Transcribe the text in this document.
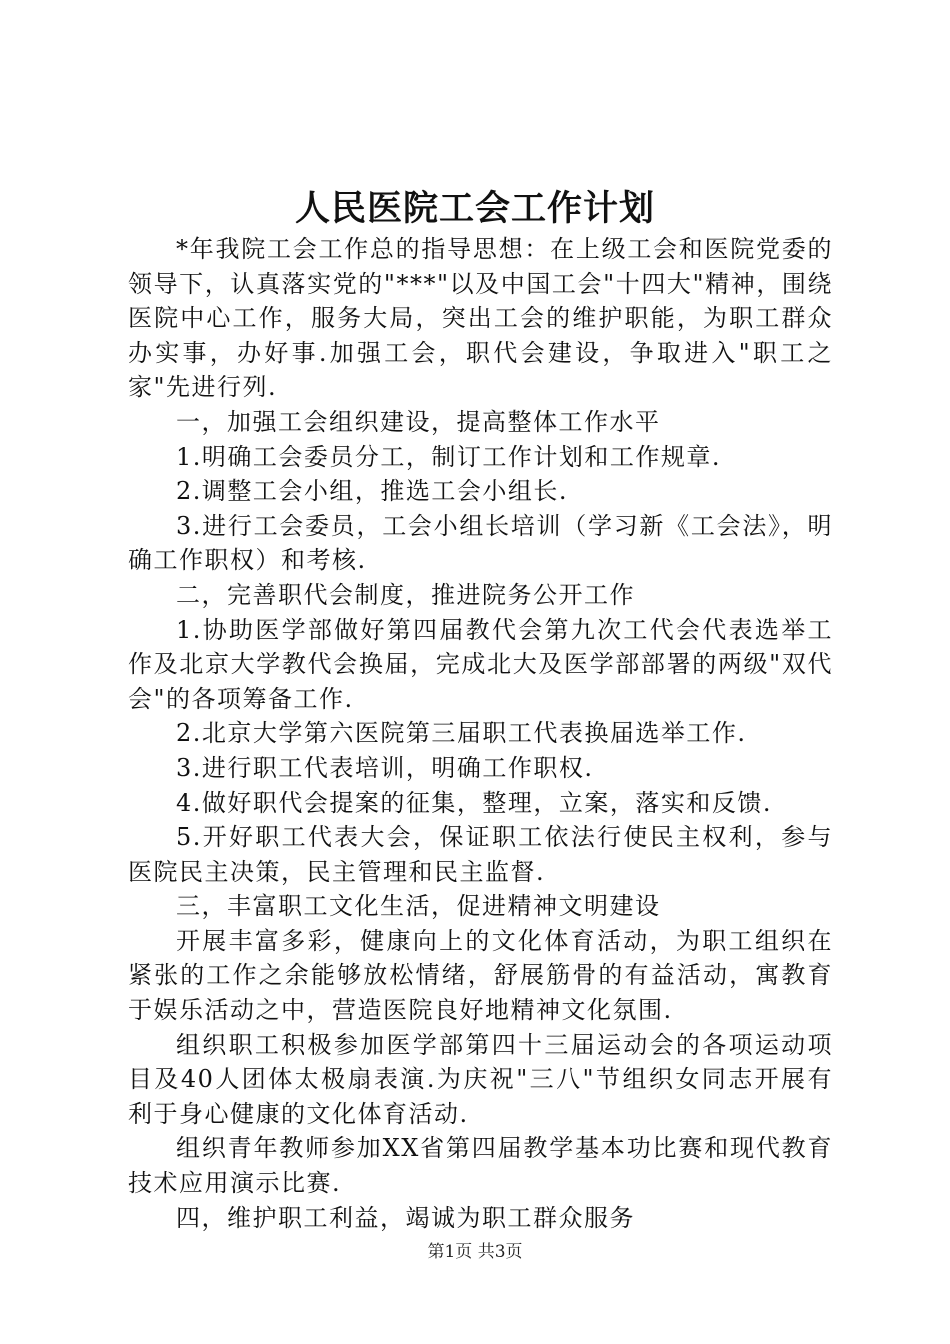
人民医院工会工作计划

*年我院工会工作总的指导思想：在上级工会和医院党委的领导下，认真落实党的"***"以及中国工会"十四大"精神，围绕医院中心工作，服务大局，突出工会的维护职能，为职工群众办实事，办好事.加强工会，职代会建设，争取进入"职工之家"先进行列.

一，加强工会组织建设，提高整体工作水平

1.明确工会委员分工，制订工作计划和工作规章.

2.调整工会小组，推选工会小组长.

3.进行工会委员，工会小组长培训（学习新《工会法》，明确工作职权）和考核.

二，完善职代会制度，推进院务公开工作

1.协助医学部做好第四届教代会第九次工代会代表选举工作及北京大学教代会换届，完成北大及医学部部署的两级"双代会"的各项筹备工作.

2.北京大学第六医院第三届职工代表换届选举工作.

3.进行职工代表培训，明确工作职权.

4.做好职代会提案的征集，整理，立案，落实和反馈.

5.开好职工代表大会，保证职工依法行使民主权利，参与医院民主决策，民主管理和民主监督.

三，丰富职工文化生活，促进精神文明建设

开展丰富多彩，健康向上的文化体育活动，为职工组织在紧张的工作之余能够放松情绪，舒展筋骨的有益活动，寓教育于娱乐活动之中，营造医院良好地精神文化氛围.

组织职工积极参加医学部第四十三届运动会的各项运动项目及40人团体太极扇表演.为庆祝"三八"节组织女同志开展有利于身心健康的文化体育活动.

组织青年教师参加XX省第四届教学基本功比赛和现代教育技术应用演示比赛.

四，维护职工利益，竭诚为职工群众服务

第1页 共3页
